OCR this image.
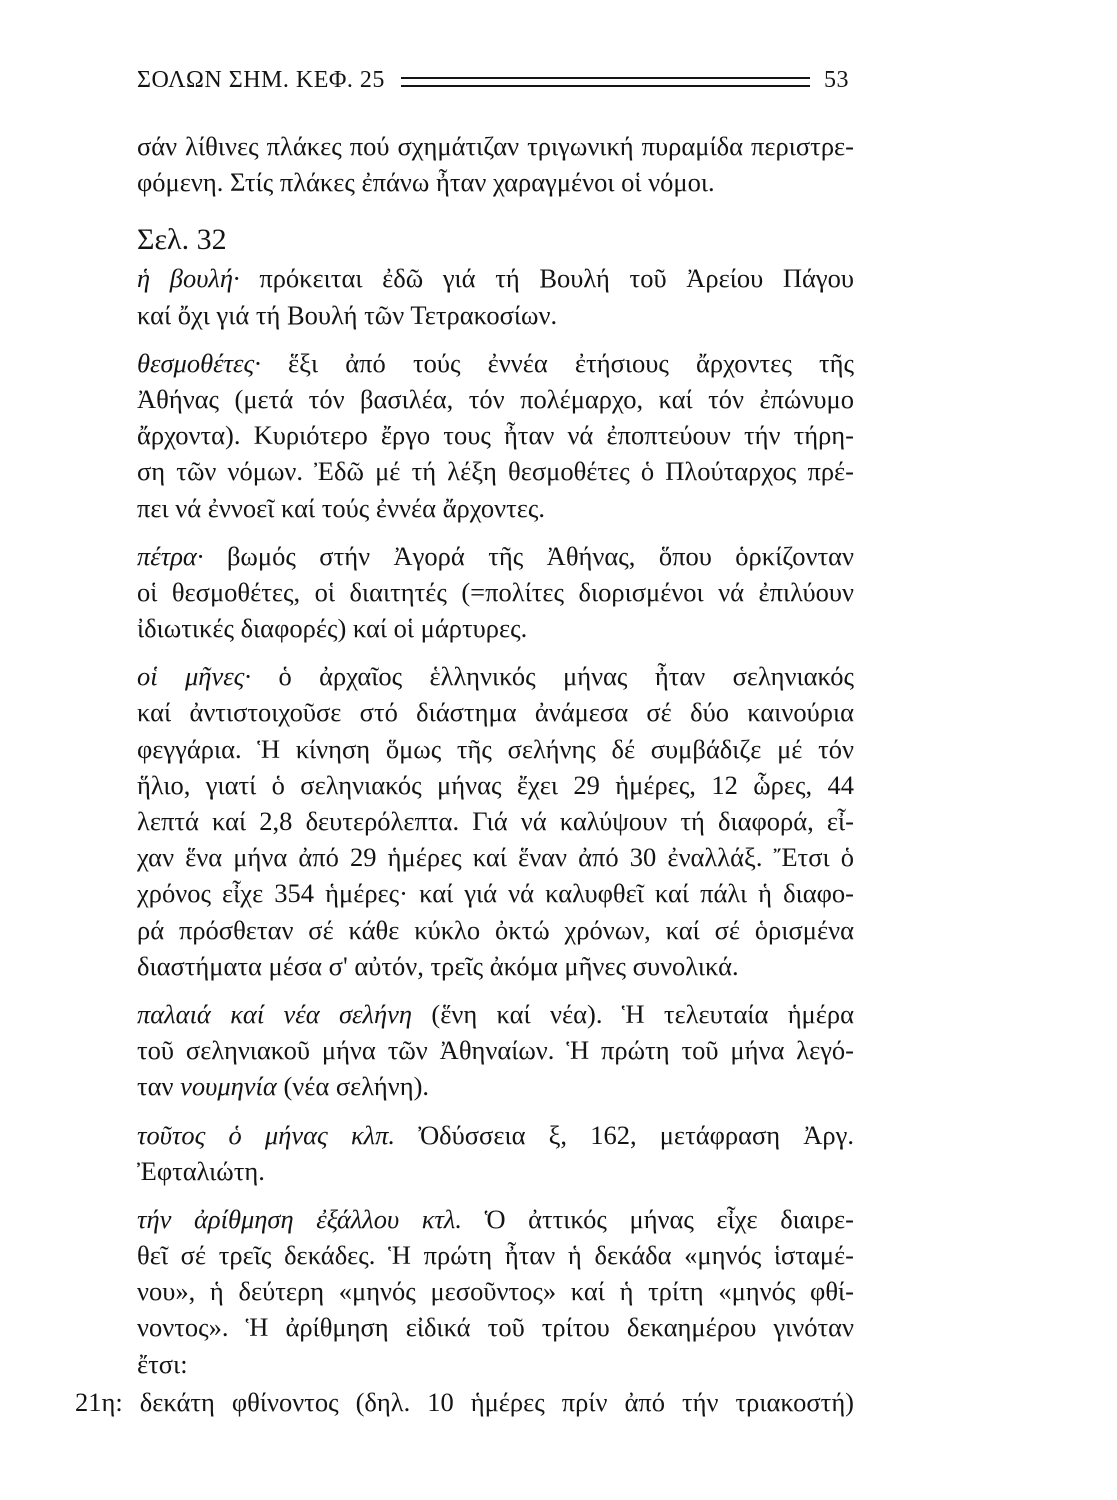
ΣΟΛΩΝ ΣΗΜ. ΚΕΦ. 25	53
σάν λίθινες πλάκες πού σχημάτιζαν τριγωνική πυραμίδα περιστρε-
φόμενη. Στίς πλάκες ἐπάνω ἦταν χαραγμένοι οἱ νόμοι.
Σελ. 32
ἡ βουλή· πρόκειται ἐδῶ γιά τή Βουλή τοῦ Ἀρείου Πάγου
καί ὄχι γιά τή Βουλή τῶν Τετρακοσίων.
θεσμοθέτες· ἕξι ἀπό τούς ἐννέα ἐτήσιους ἄρχοντες τῆς
Ἀθήνας (μετά τόν βασιλέα, τόν πολέμαρχο, καί τόν ἐπώνυμο
ἄρχοντα). Κυριότερο ἔργο τους ἦταν νά ἐποπτεύουν τήν τήρη-
ση τῶν νόμων. Ἐδῶ μέ τή λέξη θεσμοθέτες ὁ Πλούταρχος πρέ-
πει νά ἐννοεῖ καί τούς ἐννέα ἄρχοντες.
πέτρα· βωμός στήν Ἀγορά τῆς Ἀθήνας, ὅπου ὁρκίζονταν
οἱ θεσμοθέτες, οἱ διαιτητές (=πολίτες διορισμένοι νά ἐπιλύουν
ἰδιωτικές διαφορές) καί οἱ μάρτυρες.
οἱ μῆνες· ὁ ἀρχαῖος ἑλληνικός μήνας ἦταν σεληνιακός
καί ἀντιστοιχοῦσε στό διάστημα ἀνάμεσα σέ δύο καινούρια
φεγγάρια. Ἡ κίνηση ὅμως τῆς σελήνης δέ συμβάδιζε μέ τόν
ἥλιο, γιατί ὁ σεληνιακός μήνας ἔχει 29 ἡμέρες, 12 ὧρες, 44
λεπτά καί 2,8 δευτερόλεπτα. Γιά νά καλύψουν τή διαφορά, εἶ-
χαν ἕνα μήνα ἀπό 29 ἡμέρες καί ἕναν ἀπό 30 ἐναλλάξ. Ἔτσι ὁ
χρόνος εἶχε 354 ἡμέρες· καί γιά νά καλυφθεῖ καί πάλι ἡ διαφο-
ρά πρόσθεταν σέ κάθε κύκλο ὀκτώ χρόνων, καί σέ ὁρισμένα
διαστήματα μέσα σ' αὐτόν, τρεῖς ἀκόμα μῆνες συνολικά.
παλαιά καί νέα σελήνη (ἕνη καί νέα). Ἡ τελευταία ἡμέρα
τοῦ σεληνιακοῦ μήνα τῶν Ἀθηναίων. Ἡ πρώτη τοῦ μήνα λεγό-
ταν νουμηνία (νέα σελήνη).
τοῦτος ὁ μήνας κλπ. Ὀδύσσεια ξ, 162, μετάφραση Ἀργ.
Ἐφταλιώτη.
τήν ἀρίθμηση ἐξάλλου κτλ. Ὁ ἀττικός μήνας εἶχε διαιρε-
θεῖ σέ τρεῖς δεκάδες. Ἡ πρώτη ἦταν ἡ δεκάδα «μηνός ἱσταμέ-
νου», ἡ δεύτερη «μηνός μεσοῦντος» καί ἡ τρίτη «μηνός φθί-
νοντος». Ἡ ἀρίθμηση εἰδικά τοῦ τρίτου δεκαημέρου γινόταν
ἔτσι:
21η: δεκάτη φθίνοντος (δηλ. 10 ἡμέρες πρίν ἀπό τήν τριακοστή)
